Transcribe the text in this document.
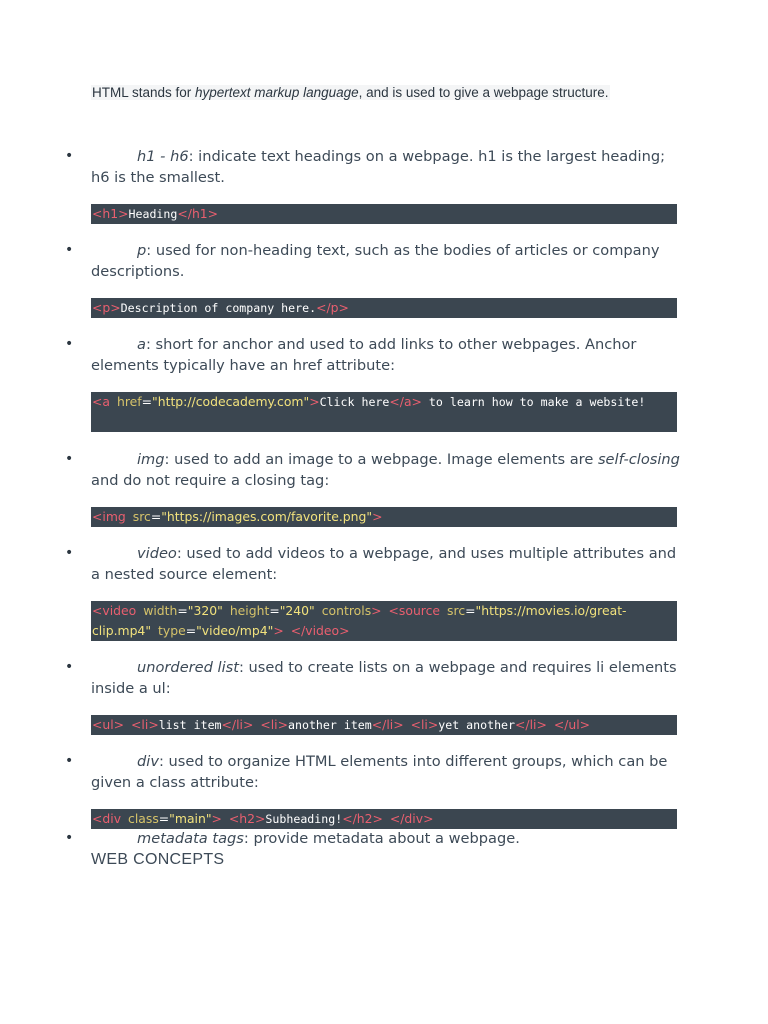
HTML stands for hypertext markup language, and is used to give a webpage structure.
•	h1 - h6: indicate text headings on a webpage. h1 is the largest heading; h6 is the smallest.
<h1>Heading</h1>
•	p: used for non-heading text, such as the bodies of articles or company descriptions.
<p>Description of company here.</p>
•	a: short for anchor and used to add links to other webpages. Anchor elements typically have an href attribute:
<a href="http://codecademy.com">Click here</a> to learn how to make a website!
•	img: used to add an image to a webpage. Image elements are self-closing and do not require a closing tag:
<img src="https://images.com/favorite.png">
•	video: used to add videos to a webpage, and uses multiple attributes and a nested source element:
<video width="320" height="240" controls> <source src="https://movies.io/great-clip.mp4" type="video/mp4"> </video>
•	unordered list: used to create lists on a webpage and requires li elements inside a ul:
<ul> <li>list item</li> <li>another item</li> <li>yet another</li> </ul>
•	div: used to organize HTML elements into different groups, which can be given a class attribute:
<div class="main"> <h2>Subheading!</h2> </div>
•	metadata tags: provide metadata about a webpage.
WEB CONCEPTS
